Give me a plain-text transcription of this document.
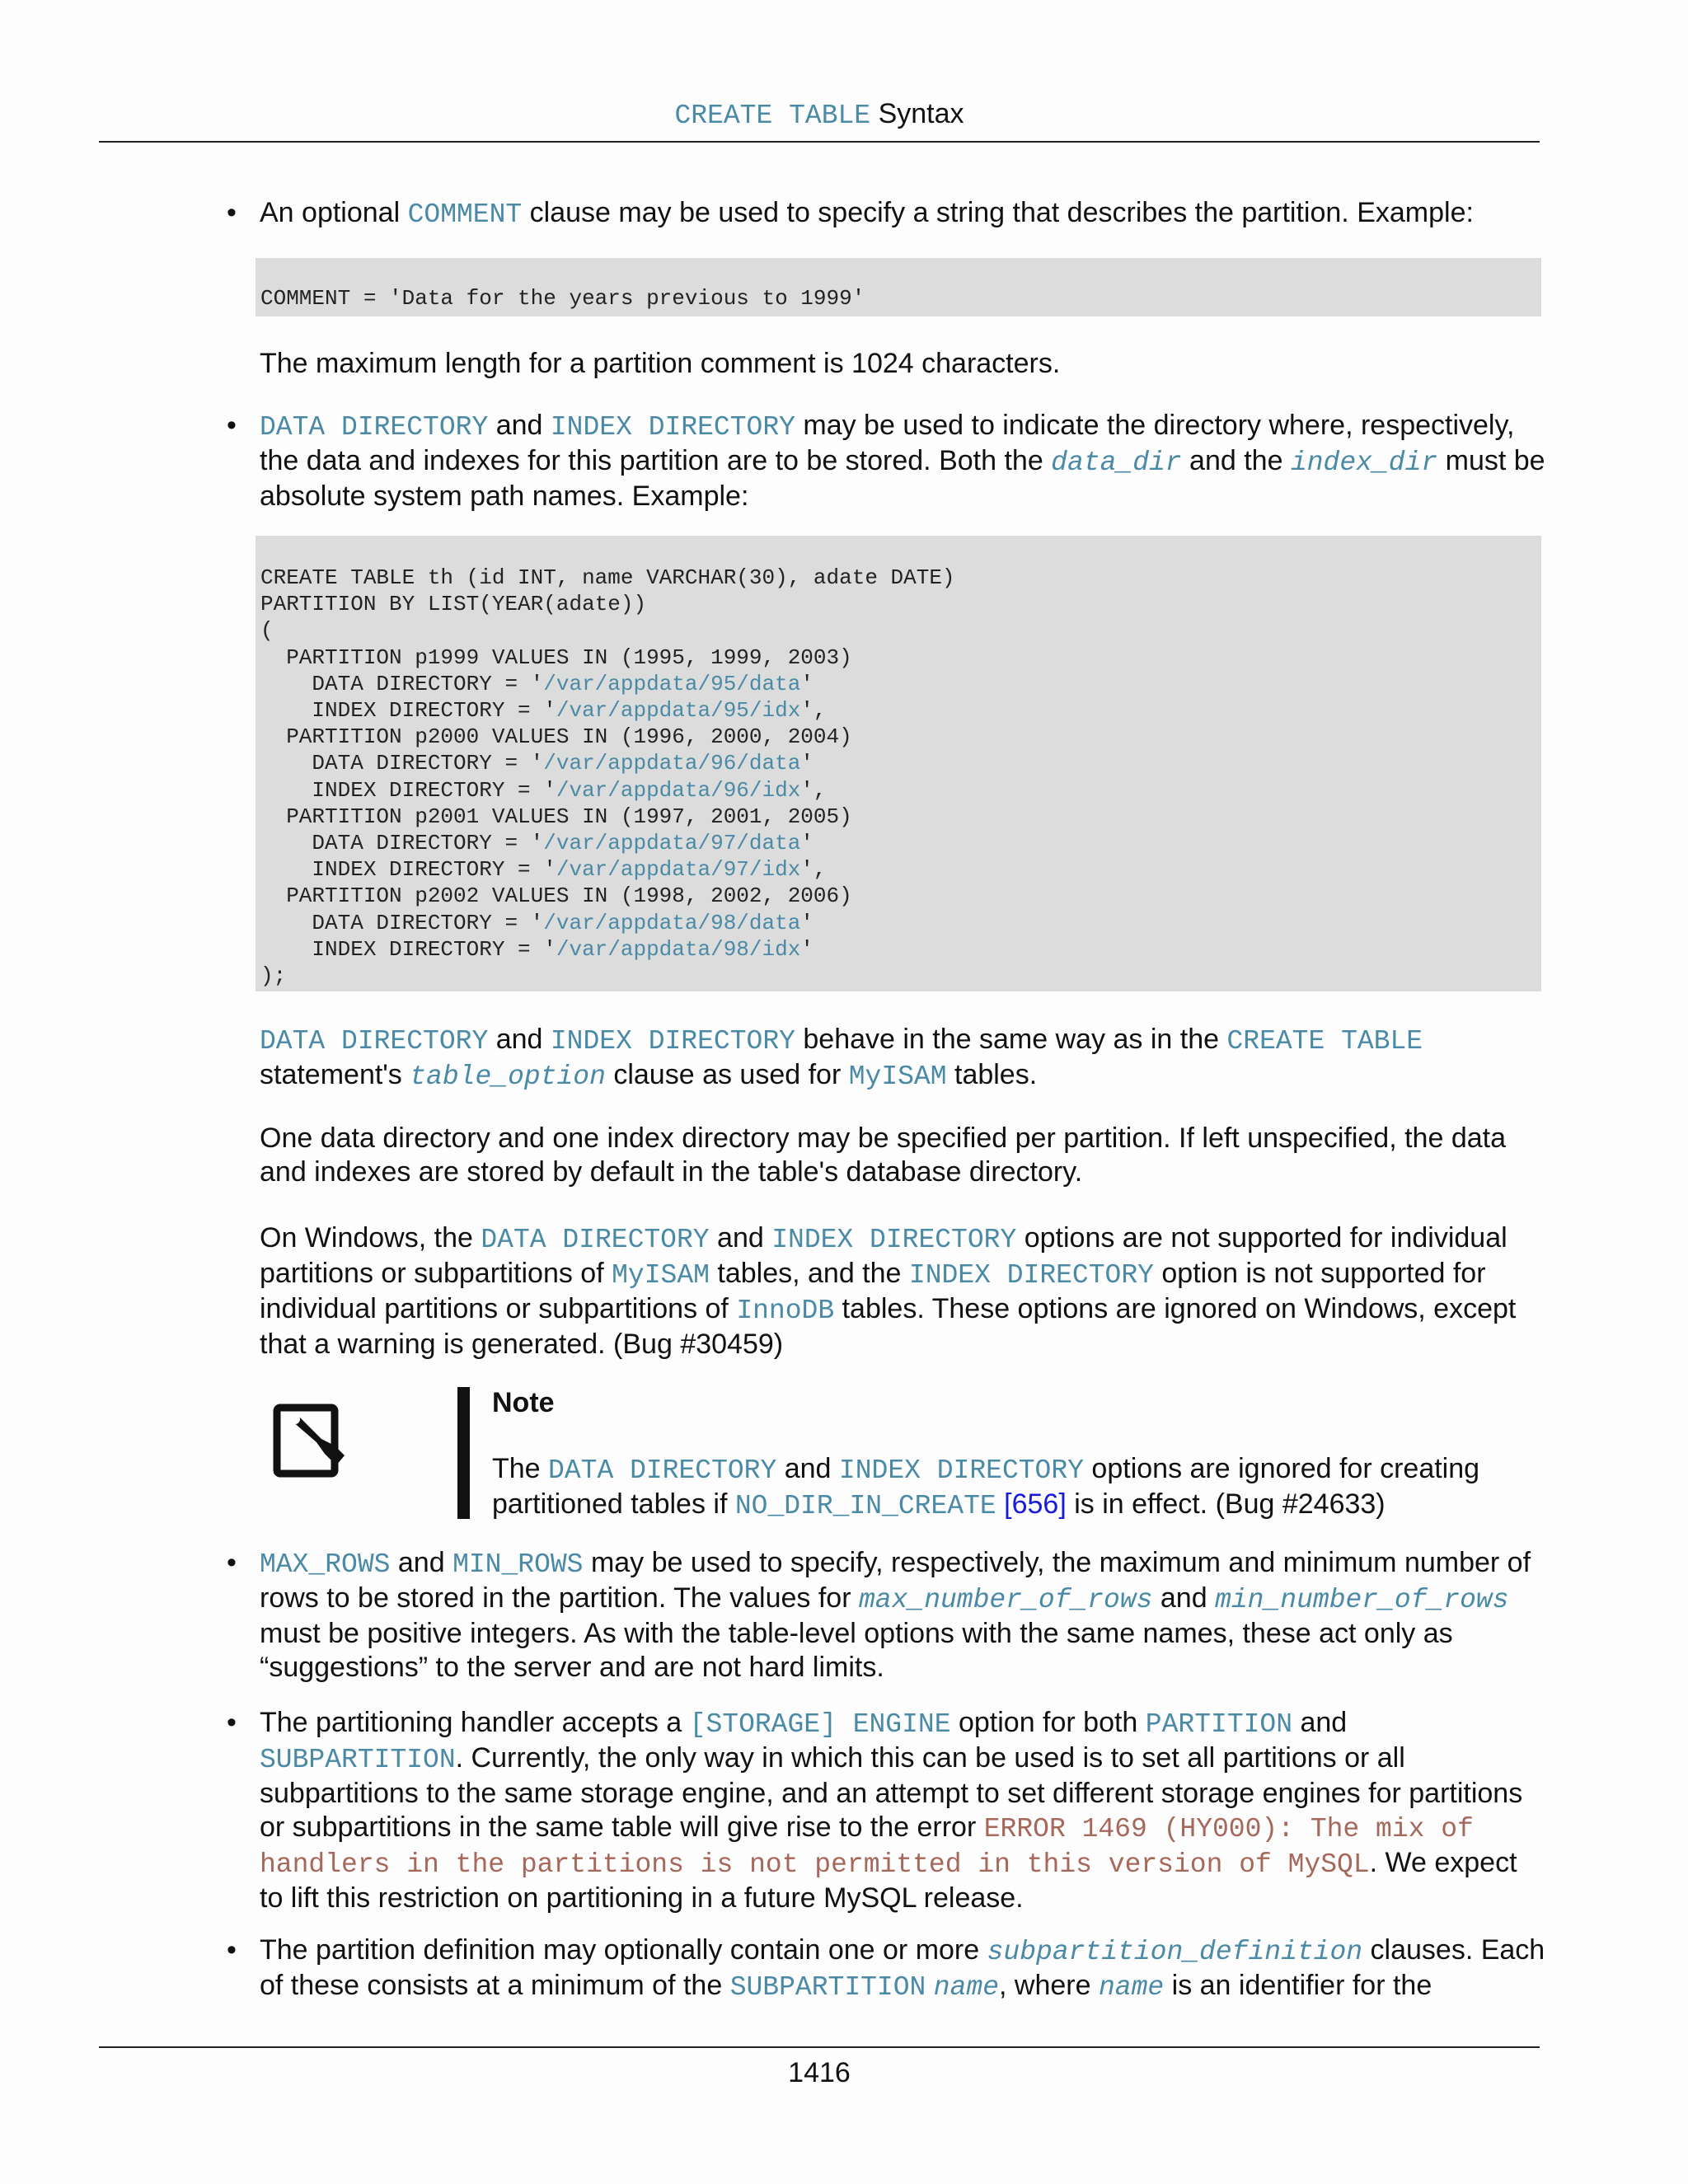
CREATE TABLE Syntax
• An optional COMMENT clause may be used to specify a string that describes the partition. Example:

COMMENT = 'Data for the years previous to 1999'

The maximum length for a partition comment is 1024 characters.

• DATA DIRECTORY and INDEX DIRECTORY may be used to indicate the directory where, respectively, the data and indexes for this partition are to be stored. Both the data_dir and the index_dir must be absolute system path names. Example:

CREATE TABLE th (id INT, name VARCHAR(30), adate DATE)
PARTITION BY LIST(YEAR(adate))
(
PARTITION p1999 VALUES IN (1995, 1999, 2003)
DATA DIRECTORY = '/var/appdata/95/data'
INDEX DIRECTORY = '/var/appdata/95/idx',
PARTITION p2000 VALUES IN (1996, 2000, 2004)
DATA DIRECTORY = '/var/appdata/96/data'
INDEX DIRECTORY = '/var/appdata/96/idx',
PARTITION p2001 VALUES IN (1997, 2001, 2005)
DATA DIRECTORY = '/var/appdata/97/data'
INDEX DIRECTORY = '/var/appdata/97/idx',
PARTITION p2002 VALUES IN (1998, 2002, 2006)
DATA DIRECTORY = '/var/appdata/98/data'
INDEX DIRECTORY = '/var/appdata/98/idx'
);

DATA DIRECTORY and INDEX DIRECTORY behave in the same way as in the CREATE TABLE
statement's table_option clause as used for MyISAM tables.

One data directory and one index directory may be specified per partition. If left unspecified, the data and indexes are stored by default in the table's database directory.

On Windows, the DATA DIRECTORY and INDEX DIRECTORY options are not supported for individual partitions or subpartitions of MyISAM tables, and the INDEX DIRECTORY option is not supported for individual partitions or subpartitions of InnoDB tables. These options are ignored on Windows, except that a warning is generated. (Bug #30459)

Note

The DATA DIRECTORY and INDEX DIRECTORY options are ignored for creating partitioned tables if NO_DIR_IN_CREATE [656] is in effect. (Bug #24633)

• MAX_ROWS and MIN_ROWS may be used to specify, respectively, the maximum and minimum number of rows to be stored in the partition. The values for max_number_of_rows and min_number_of_rows must be positive integers. As with the table-level options with the same names, these act only as “suggestions” to the server and are not hard limits.

• The partitioning handler accepts a [STORAGE] ENGINE option for both PARTITION and SUBPARTITION. Currently, the only way in which this can be used is to set all partitions or all subpartitions to the same storage engine, and an attempt to set different storage engines for partitions or subpartitions in the same table will give rise to the error ERROR 1469 (HY000): The mix of handlers in the partitions is not permitted in this version of MySQL. We expect to lift this restriction on partitioning in a future MySQL release.

• The partition definition may optionally contain one or more subpartition_definition clauses. Each of these consists at a minimum of the SUBPARTITION name, where name is an identifier for the

1416
